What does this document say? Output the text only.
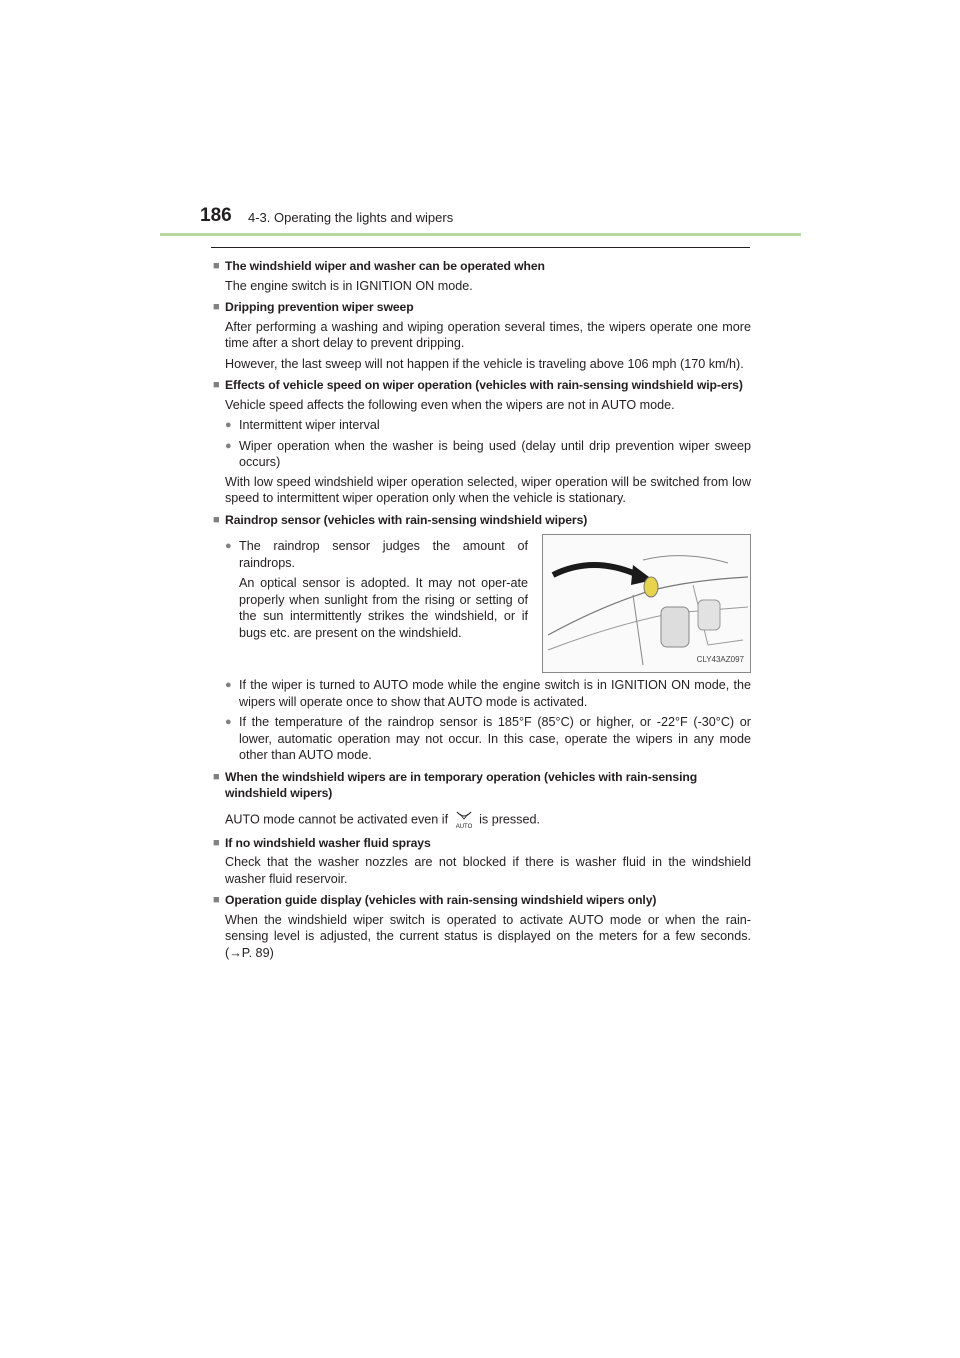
186 4-3. Operating the lights and wipers
■ The windshield wiper and washer can be operated when
The engine switch is in IGNITION ON mode.
■ Dripping prevention wiper sweep
After performing a washing and wiping operation several times, the wipers operate one more time after a short delay to prevent dripping.
However, the last sweep will not happen if the vehicle is traveling above 106 mph (170 km/h).
■ Effects of vehicle speed on wiper operation (vehicles with rain-sensing windshield wip-ers)
Vehicle speed affects the following even when the wipers are not in AUTO mode.
● Intermittent wiper interval
● Wiper operation when the washer is being used (delay until drip prevention wiper sweep occurs)
With low speed windshield wiper operation selected, wiper operation will be switched from low speed to intermittent wiper operation only when the vehicle is stationary.
■ Raindrop sensor (vehicles with rain-sensing windshield wipers)
● The raindrop sensor judges the amount of raindrops.
An optical sensor is adopted. It may not oper-ate properly when sunlight from the rising or setting of the sun intermittently strikes the windshield, or if bugs etc. are present on the windshield.
CLY43AZ097
● If the wiper is turned to AUTO mode while the engine switch is in IGNITION ON mode, the wipers will operate once to show that AUTO mode is activated.
● If the temperature of the raindrop sensor is 185°F (85°C) or higher, or -22°F (-30°C) or lower, automatic operation may not occur. In this case, operate the wipers in any mode other than AUTO mode.
■ When the windshield wipers are in temporary operation (vehicles with rain-sensing windshield wipers)
AUTO mode cannot be activated even if
AUTO
is pressed.
■ If no windshield washer fluid sprays
Check that the washer nozzles are not blocked if there is washer fluid in the windshield washer fluid reservoir.
■ Operation guide display (vehicles with rain-sensing windshield wipers only)
When the windshield wiper switch is operated to activate AUTO mode or when the rain-sensing level is adjusted, the current status is displayed on the meters for a few seconds. (→P. 89)
